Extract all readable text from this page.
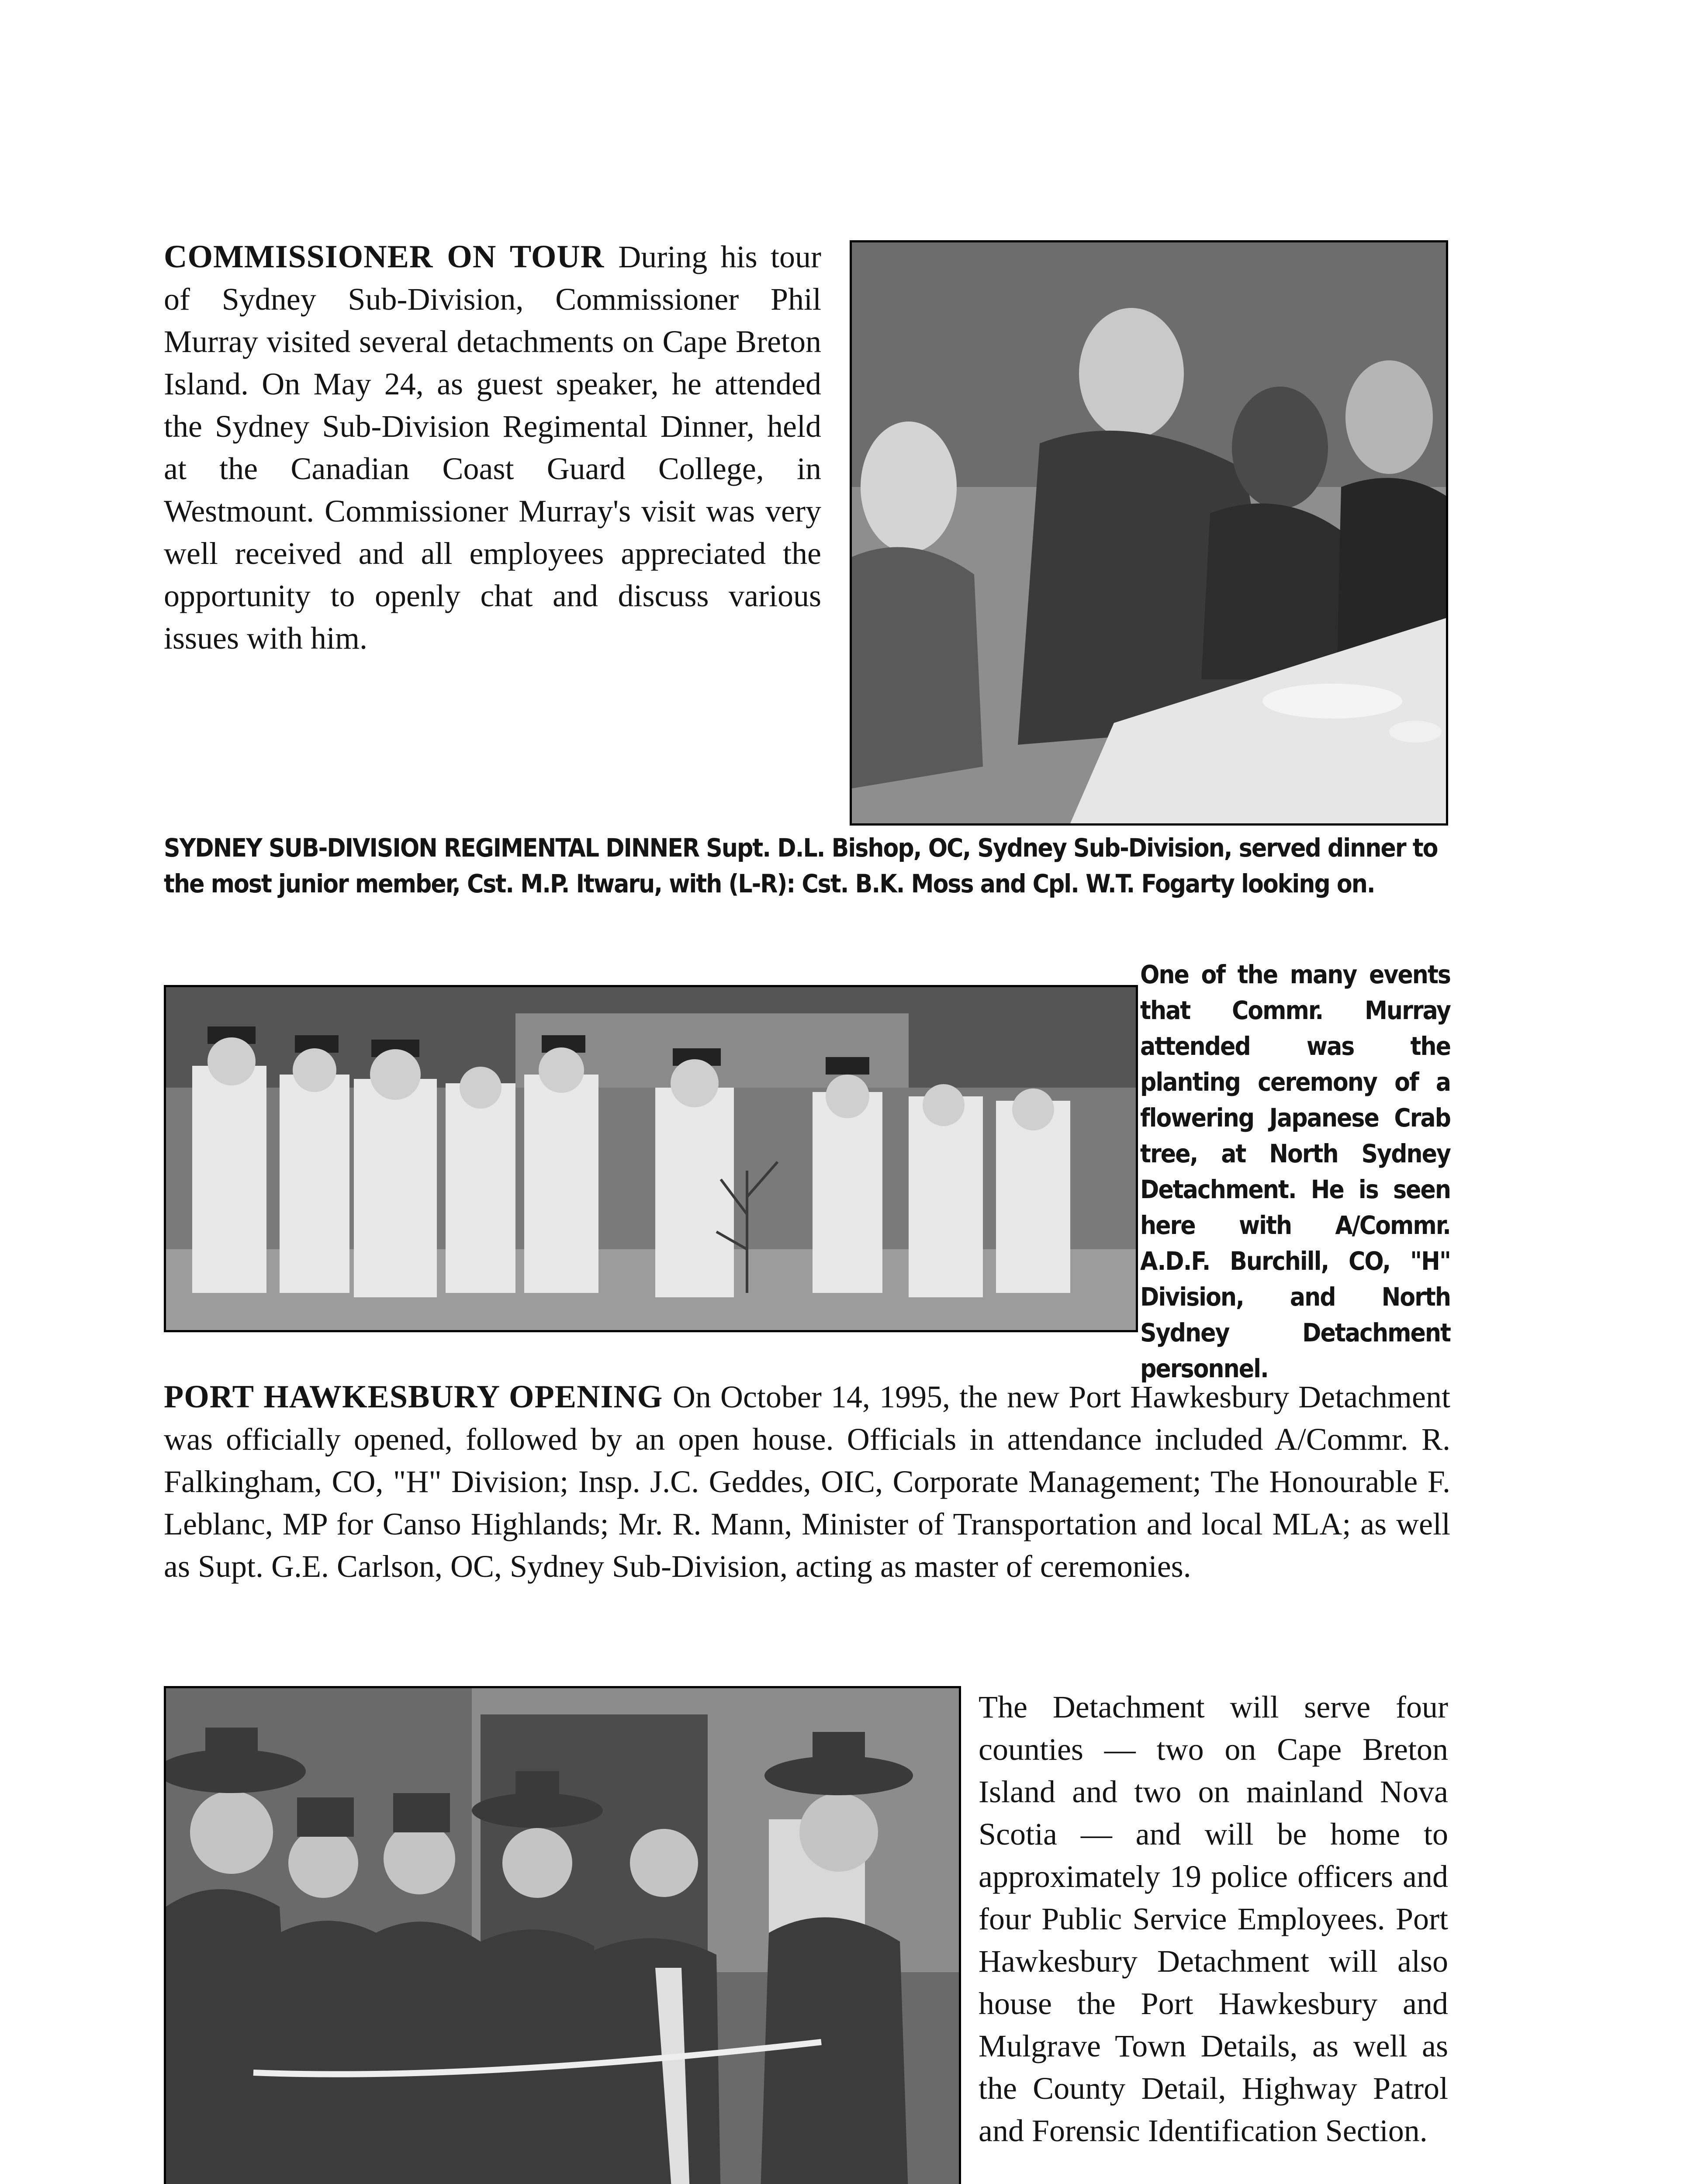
COMMISSIONER ON TOUR During his tour of Sydney Sub-Division, Commissioner Phil Murray visited several detachments on Cape Breton Island. On May 24, as guest speaker, he attended the Sydney Sub-Division Regimental Dinner, held at the Canadian Coast Guard College, in Westmount. Commissioner Murray's visit was very well received and all employees appreciated the opportunity to openly chat and discuss various issues with him.

SYDNEY SUB-DIVISION REGIMENTAL DINNER Supt. D.L. Bishop, OC, Sydney Sub-Division, served dinner to the most junior member, Cst. M.P. Itwaru, with (L-R): Cst. B.K. Moss and Cpl. W.T. Fogarty looking on.

One of the many events that Commr. Murray attended was the planting ceremony of a flowering Japanese Crab tree, at North Sydney Detachment. He is seen here with A/Commr. A.D.F. Burchill, CO, "H" Division, and North Sydney Detachment personnel.

PORT HAWKESBURY OPENING On October 14, 1995, the new Port Hawkesbury Detachment was officially opened, followed by an open house. Officials in attendance included A/Commr. R. Falkingham, CO, "H" Division; Insp. J.C. Geddes, OIC, Corporate Management; The Honourable F. Leblanc, MP for Canso Highlands; Mr. R. Mann, Minister of Transportation and local MLA; as well as Supt. G.E. Carlson, OC, Sydney Sub-Division, acting as master of ceremonies.

The Detachment will serve four counties — two on Cape Breton Island and two on mainland Nova Scotia — and will be home to approximately 19 police officers and four Public Service Employees. Port Hawkesbury Detachment will also house the Port Hawkesbury and Mulgrave Town Details, as well as the County Detail, Highway Patrol and Forensic Identification Section.
